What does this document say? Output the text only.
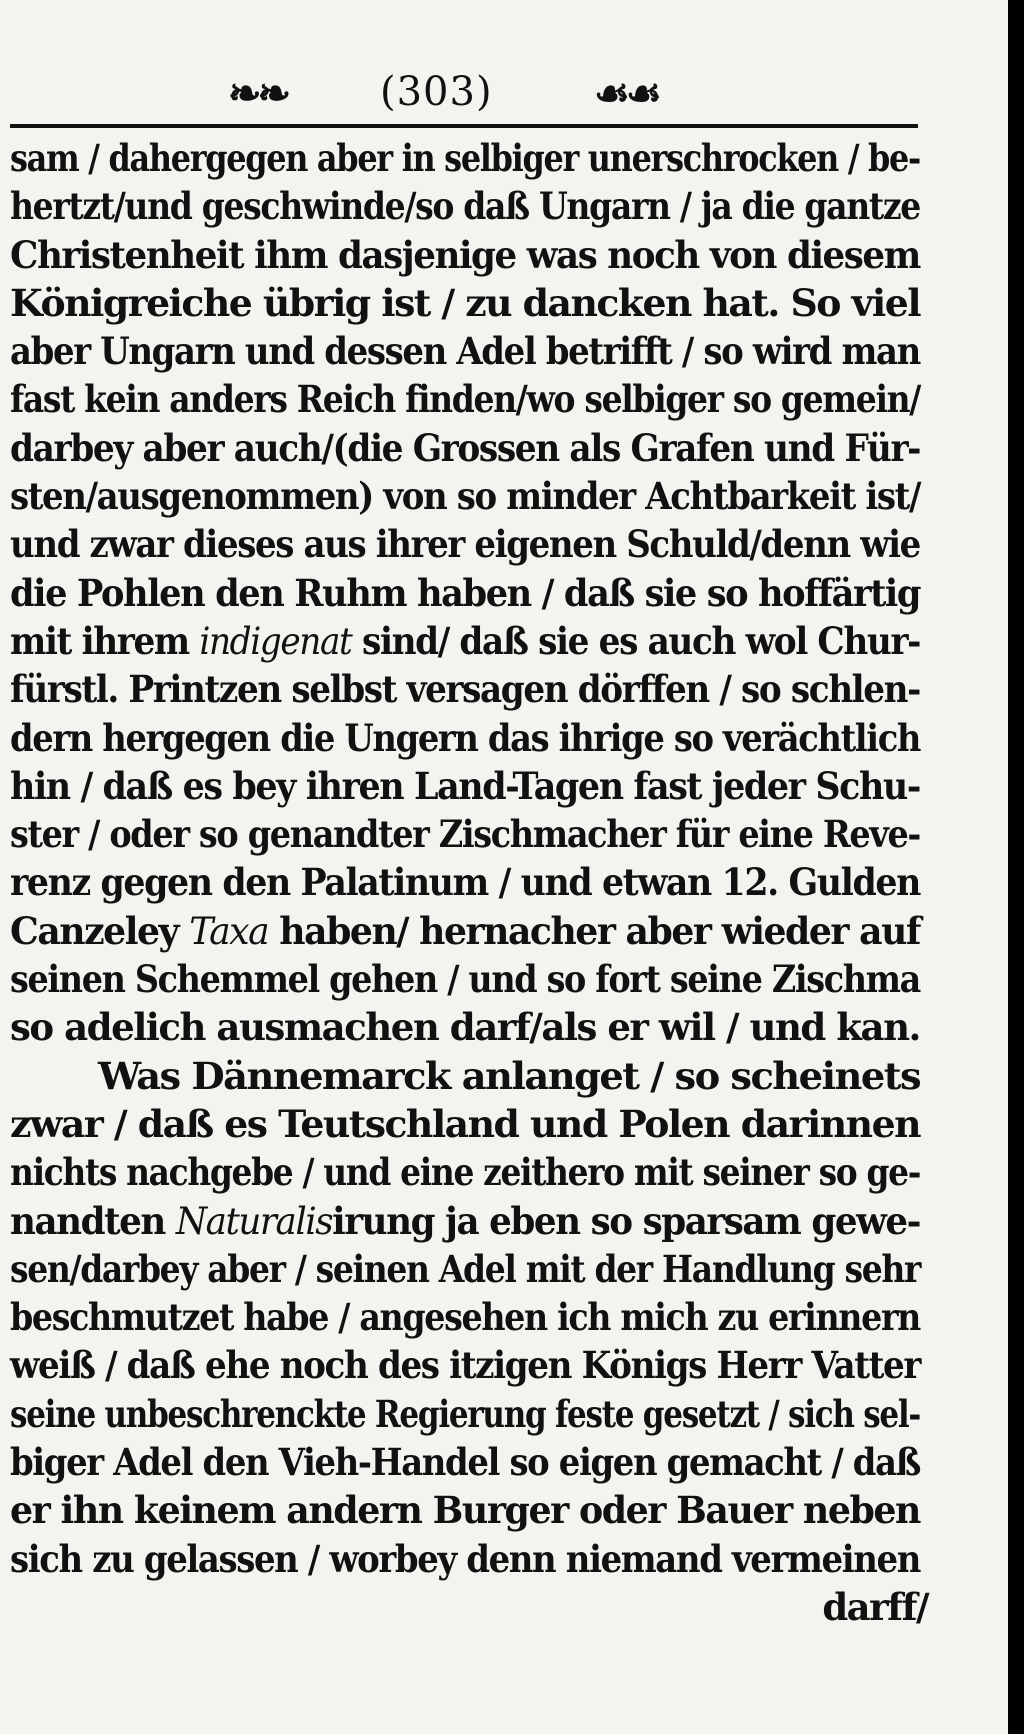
❧❧ (303)	☙☙
sam / dahergegen aber in selbiger unerschrocken / be-
hertzt/und geschwinde/so daß Ungarn / ja die gantze
Christenheit ihm dasjenige was noch von diesem
Königreiche übrig ist / zu dancken hat. So viel
aber Ungarn und dessen Adel betrifft / so wird man
fast kein anders Reich finden/wo selbiger so gemein/
darbey aber auch/(die Grossen als Grafen und Für-
sten/ausgenommen) von so minder Achtbarkeit ist/
und zwar dieses aus ihrer eigenen Schuld/denn wie
die Pohlen den Ruhm haben / daß sie so hoffärtig
mit ihrem indigenat sind/ daß sie es auch wol Chur-
fürstl. Printzen selbst versagen dörffen / so schlen-
dern hergegen die Ungern das ihrige so verächtlich
hin / daß es bey ihren Land-Tagen fast jeder Schu-
ster / oder so genandter Zischmacher für eine Reve-
renz gegen den Palatinum / und etwan 12. Gulden
Canzeley Taxa haben/ hernacher aber wieder auf
seinen Schemmel gehen / und so fort seine Zischma
so adelich ausmachen darf/als er wil / und kan.
Was Dännemarck anlanget / so scheinets
zwar / daß es Teutschland und Polen darinnen
nichts nachgebe / und eine zeithero mit seiner so ge-
nandten Naturalisirung ja eben so sparsam gewe-
sen/darbey aber / seinen Adel mit der Handlung sehr
beschmutzet habe / angesehen ich mich zu erinnern
weiß / daß ehe noch des itzigen Königs Herr Vatter
seine unbeschrenckte Regierung feste gesetzt / sich sel-
biger Adel den Vieh-Handel so eigen gemacht / daß
er ihn keinem andern Burger oder Bauer neben
sich zu gelassen / worbey denn niemand vermeinen
darff/
